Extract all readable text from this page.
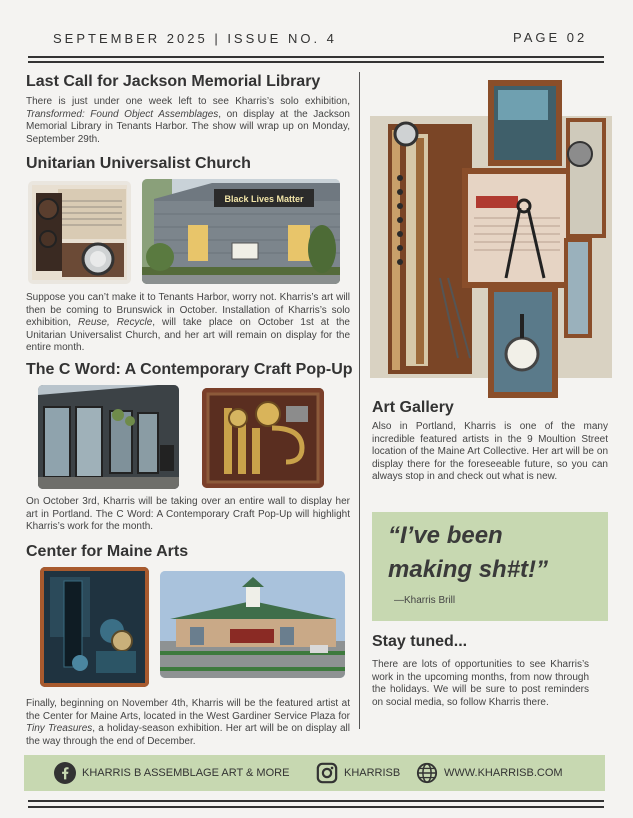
SEPTEMBER 2025 | ISSUE NO. 4	PAGE 02
Last Call for Jackson Memorial Library
There is just under one week left to see Kharris’s solo exhibition, Transformed: Found Object Assemblages, on display at the Jackson Memorial Library in Tenants Harbor. The show will wrap up on Monday, September 29th.
Unitarian Universalist Church
Black Lives Matter
Suppose you can’t make it to Tenants Harbor, worry not. Kharris’s art will then be coming to Brunswick in October. Installation of Kharris’s solo exhibition, Reuse, Recycle, will take place on October 1st at the Unitarian Universalist Church, and her art will remain on display for the entire month.
The C Word: A Contemporary Craft Pop-Up
On October 3rd, Kharris will be taking over an entire wall to display her art in Portland. The C Word: A Contemporary Craft Pop-Up will highlight Kharris’s work for the month.
Center for Maine Arts
Finally, beginning on November 4th, Kharris will be the featured artist at the Center for Maine Arts, located in the West Gardiner Service Plaza for Tiny Treasures, a holiday-season exhibition. Her art will be on display all the way through the end of December.
Art Gallery
Also in Portland, Kharris is one of the many incredible featured artists in the 9 Moultion Street location of the Maine Art Collective. Her art will be on display there for the foreseeable future, so you can always stop in and check out what is new.
“I’ve been
making sh#t!”
—Kharris Brill
Stay tuned...
There are lots of opportunities to see Kharris’s work in the upcoming months, from now through the holidays. We will be sure to post reminders on social media, so follow Kharris there.
KHARRIS B ASSEMBLAGE ART & MORE	KHARRISB	WWW.KHARRISB.COM
